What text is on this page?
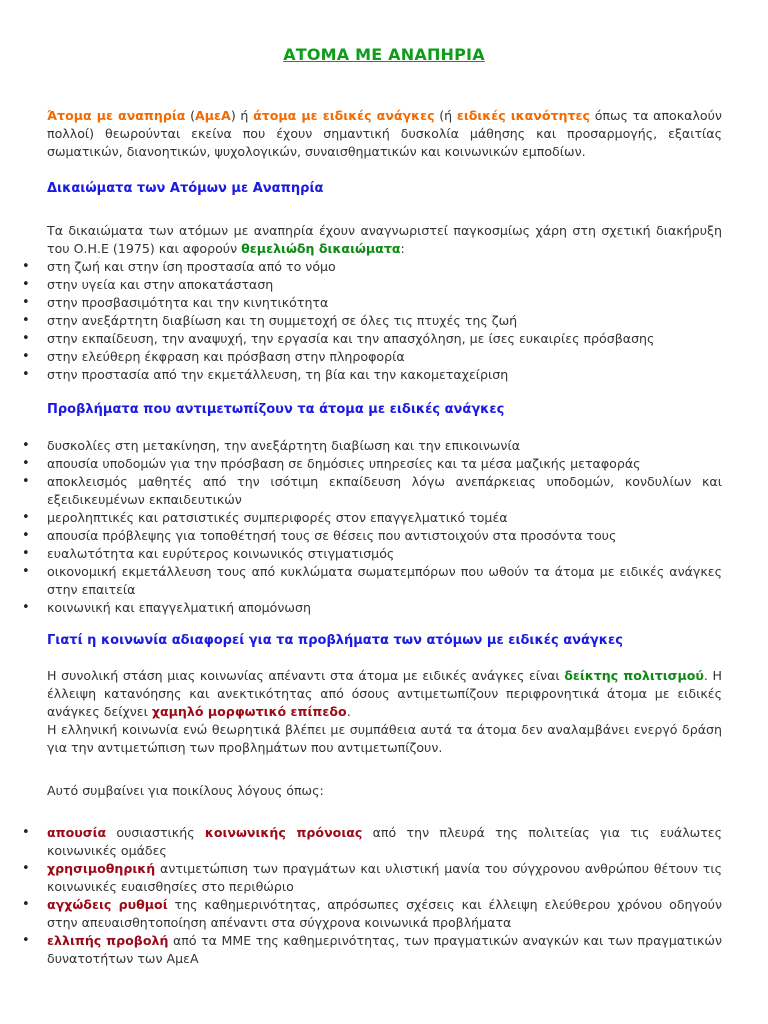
ΑΤΟΜΑ ΜΕ ΑΝΑΠΗΡΙΑ
Άτομα με αναπηρία (ΑμεΑ) ή άτομα με ειδικές ανάγκες (ή ειδικές ικανότητες όπως τα αποκαλούν πολλοί) θεωρούνται εκείνα που έχουν σημαντική δυσκολία μάθησης και προσαρμογής, εξαιτίας σωματικών, διανοητικών, ψυχολογικών, συναισθηματικών και κοινωνικών εμποδίων.
Δικαιώματα των Ατόμων με Αναπηρία
Τα δικαιώματα των ατόμων με αναπηρία έχουν αναγνωριστεί παγκοσμίως χάρη στη σχετική διακήρυξη του Ο.Η.Ε (1975) και αφορούν θεμελιώδη δικαιώματα:
• στη ζωή και στην ίση προστασία από το νόμο
• στην υγεία και στην αποκατάσταση
• στην προσβασιμότητα και την κινητικότητα
• στην ανεξάρτητη διαβίωση και τη συμμετοχή σε όλες τις πτυχές της ζωή
• στην εκπαίδευση, την αναψυχή, την εργασία και την απασχόληση, με ίσες ευκαιρίες πρόσβασης
• στην ελεύθερη έκφραση και πρόσβαση στην πληροφορία
• στην προστασία από την εκμετάλλευση, τη βία και την κακομεταχείριση
Προβλήματα που αντιμετωπίζουν τα άτομα με ειδικές ανάγκες
• δυσκολίες στη μετακίνηση, την ανεξάρτητη διαβίωση και την επικοινωνία
• απουσία υποδομών για την πρόσβαση σε δημόσιες υπηρεσίες και τα μέσα μαζικής μεταφοράς
• αποκλεισμός μαθητές από την ισότιμη εκπαίδευση λόγω ανεπάρκειας υποδομών, κονδυλίων και εξειδικευμένων εκπαιδευτικών
• μεροληπτικές και ρατσιστικές συμπεριφορές στον επαγγελματικό τομέα
• απουσία πρόβλεψης για τοποθέτησή τους σε θέσεις που αντιστοιχούν στα προσόντα τους
• ευαλωτότητα και ευρύτερος κοινωνικός στιγματισμός
• οικονομική εκμετάλλευση τους από κυκλώματα σωματεμπόρων που ωθούν τα άτομα με ειδικές ανάγκες στην επαιτεία
• κοινωνική και επαγγελματική απομόνωση
Γιατί η κοινωνία αδιαφορεί για τα προβλήματα των ατόμων με ειδικές ανάγκες
Η συνολική στάση μιας κοινωνίας απέναντι στα άτομα με ειδικές ανάγκες είναι δείκτης πολιτισμού. Η έλλειψη κατανόησης και ανεκτικότητας από όσους αντιμετωπίζουν περιφρονητικά άτομα με ειδικές ανάγκες δείχνει χαμηλό μορφωτικό επίπεδο.
Η ελληνική κοινωνία ενώ θεωρητικά βλέπει με συμπάθεια αυτά τα άτομα δεν αναλαμβάνει ενεργό δράση για την αντιμετώπιση των προβλημάτων που αντιμετωπίζουν.
Αυτό συμβαίνει για ποικίλους λόγους όπως:
• απουσία ουσιαστικής κοινωνικής πρόνοιας από την πλευρά της πολιτείας για τις ευάλωτες κοινωνικές ομάδες
• χρησιμοθηρική αντιμετώπιση των πραγμάτων και υλιστική μανία του σύγχρονου ανθρώπου θέτουν τις κοινωνικές ευαισθησίες στο περιθώριο
• αγχώδεις ρυθμοί της καθημερινότητας, απρόσωπες σχέσεις και έλλειψη ελεύθερου χρόνου οδηγούν στην απευαισθητοποίηση απέναντι στα σύγχρονα κοινωνικά προβλήματα
• ελλιπής προβολή από τα ΜΜΕ της καθημερινότητας, των πραγματικών αναγκών και των πραγματικών δυνατοτήτων των ΑμεΑ
